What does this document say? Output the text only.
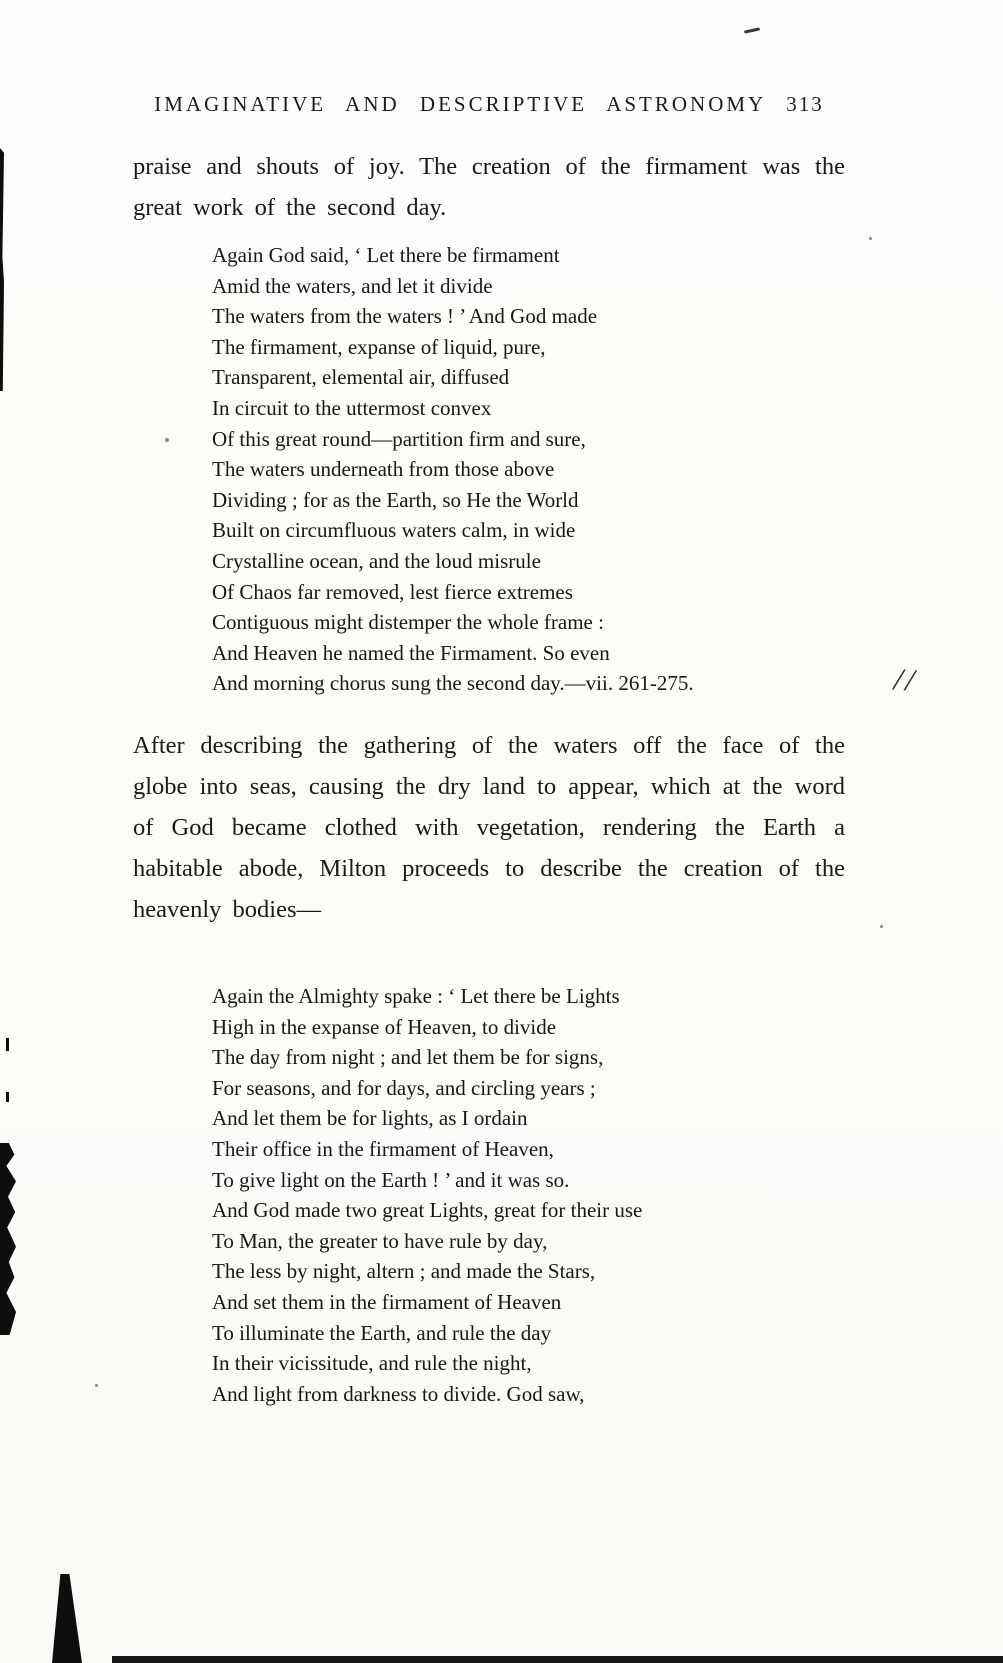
IMAGINATIVE AND DESCRIPTIVE ASTRONOMY 313

praise and shouts of joy. The creation of the firmament was the great work of the second day.

Again God said, ‘ Let there be firmament
Amid the waters, and let it divide
The waters from the waters ! ’ And God made
The firmament, expanse of liquid, pure,
Transparent, elemental air, diffused
In circuit to the uttermost convex
Of this great round—partition firm and sure,
The waters underneath from those above
Dividing ; for as the Earth, so He the World
Built on circumfluous waters calm, in wide
Crystalline ocean, and the loud misrule
Of Chaos far removed, lest fierce extremes
Contiguous might distemper the whole frame :
And Heaven he named the Firmament. So even
And morning chorus sung the second day.—vii. 261-275.	//

After describing the gathering of the waters off the face of the globe into seas, causing the dry land to appear, which at the word of God became clothed with vegetation, rendering the Earth a habitable abode, Milton proceeds to describe the creation of the heavenly bodies—

Again the Almighty spake : ‘ Let there be Lights
High in the expanse of Heaven, to divide
The day from night ; and let them be for signs,
For seasons, and for days, and circling years ;
And let them be for lights, as I ordain
Their office in the firmament of Heaven,
To give light on the Earth ! ’ and it was so.
And God made two great Lights, great for their use
To Man, the greater to have rule by day,
The less by night, altern ; and made the Stars,
And set them in the firmament of Heaven
To illuminate the Earth, and rule the day
In their vicissitude, and rule the night,
And light from darkness to divide. God saw,
